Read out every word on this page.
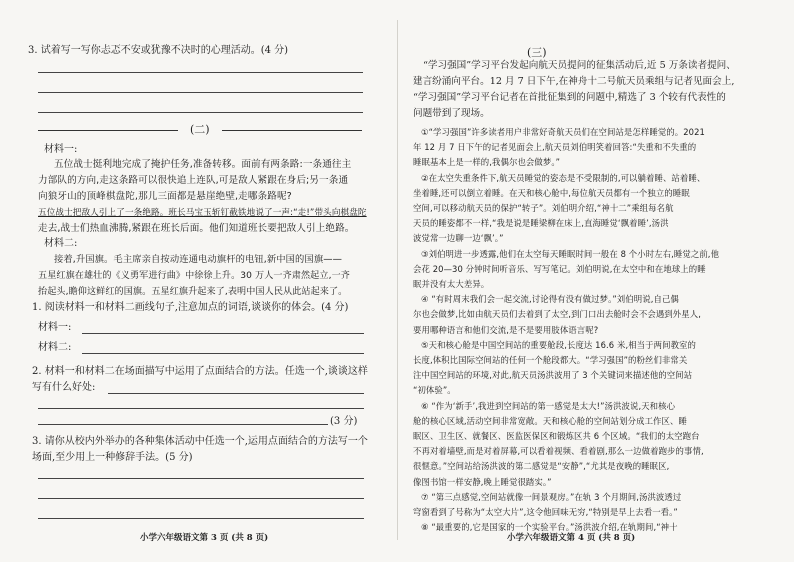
3. 试着写一写你忐忑不安或犹豫不决时的心理活动。(4 分)
(二)
材料一:
五位战士挺利地完成了掩护任务,准备转移。面前有两条路:一条通往主
力部队的方向,走这条路可以很快追上连队,可是敌人紧跟在身后;另一条通
向狼牙山的顶峰棋盘陀,那儿三面都是悬崖绝壁,走哪条路呢?
五位战士把敌人引上了一条绝路。班长马宝玉斩钉截铁地说了一声:“走!”带头向棋盘陀
走去,战士们热血沸腾,紧跟在班长后面。他们知道班长要把敌人引上绝路。
材料二:
接着,升国旗。毛主席亲自按动连通电动旗杆的电钮,新中国的国旗——
五星红旗在雄壮的《义勇军进行曲》中徐徐上升。30 万人一齐肃然起立,一齐
抬起头,瞻仰这鲜红的国旗。五星红旗升起来了,表明中国人民从此站起来了。
1. 阅读材料一和材料二画线句子,注意加点的词语,谈谈你的体会。(4 分)
材料一:
材料二:
2. 材料一和材料二在场面描写中运用了点面结合的方法。任选一个,谈谈这样
写有什么好处:
(3 分)
3. 请你从校内外举办的各种集体活动中任选一个,运用点面结合的方法写一个
场面,至少用上一种修辞手法。(5 分)
小学六年级语文第 3 页 (共 8 页)
(三)
“学习强国”学习平台发起向航天员提问的征集活动后,近 5 万条读者提问、
建言纷涌向平台。12 月 7 日下午,在神舟十二号航天员乘组与记者见面会上,
“学习强国”学习平台记者在首批征集到的问题中,精选了 3 个较有代表性的
问题带到了现场。
①“学习强国”许多读者用户非常好奇航天员们在空间站是怎样睡觉的。2021
年 12 月 7 日下午的记者见面会上,航天员刘伯明笑着回答:“失重和不失重的
睡眠基本上是一样的,我偶尔也会做梦。”
②在太空失重条件下,航天员睡觉的姿态是不受限制的,可以躺着睡、站着睡、
坐着睡,还可以倒立着睡。在天和核心舱中,每位航天员都有一个独立的睡眠
空间,可以移动航天员的保护“转子”。刘伯明介绍,“神十二”乘组每名航
天员的睡姿都不一样,“我是说是睡梁柳在床上,直海睡觉‘飘着睡’,汤洪
波觉常一边聊一边‘飘’。”
③刘伯明进一步透露,他们在太空每天睡眠时间一般在 8 个小时左右,睡觉之前,他
会花 20—30 分钟时间听音乐、写写笔记。刘伯明说,在太空中和在地球上的睡
眠并没有太大差异。
④ “有时周末我们会一起交流,讨论得有没有做过梦。”刘伯明说,自己偶
尔也会做梦,比如由航天员们去着到了太空,到门口出去舱时会不会遇到外星人,
要用哪种语言和他们交流,是不是要用肢体语言呢?
⑤天和核心舱是中国空间站的重要舱段,长度达 16.6 米,相当于两间教室的
长度,体积比国际空间站的任何一个舱段都大。“学习强国”的粉丝们非常关
注中国空间站的环境,对此,航天员汤洪波用了 3 个关键词来描述他的空间站
“初体验”。
⑥ “作为‘新手’,我进到空间站的第一感觉是太大!”汤洪波说,天和核心
舱的核心区域,活动空间非常宽敞。天和核心舱的空间站划分成工作区、睡
眠区、卫生区、就餐区、医监医保区和锻炼区共 6 个区域。“我们的太空跑台
不再对着墙壁,而是对着屏幕,可以看着视频、看着剧,那么一边做着跑步的事情,
很惬意。”空间站给汤洪波的第二感觉是“安静”,“尤其是夜晚的睡眠区,
像图书馆一样安静,晚上睡觉很踏实。”
⑦ “第三点感觉,空间站就像一间景观房。”在轨 3 个月期间,汤洪波透过
穹窗看到了号称为“太空大片”,这令他回味无穷,“特别是早上去看一看。”
⑧ “最重要的,它是国家的一个实验平台。”汤洪波介绍,在轨期间,“神十
小学六年级语文第 4 页 (共 8 页)
